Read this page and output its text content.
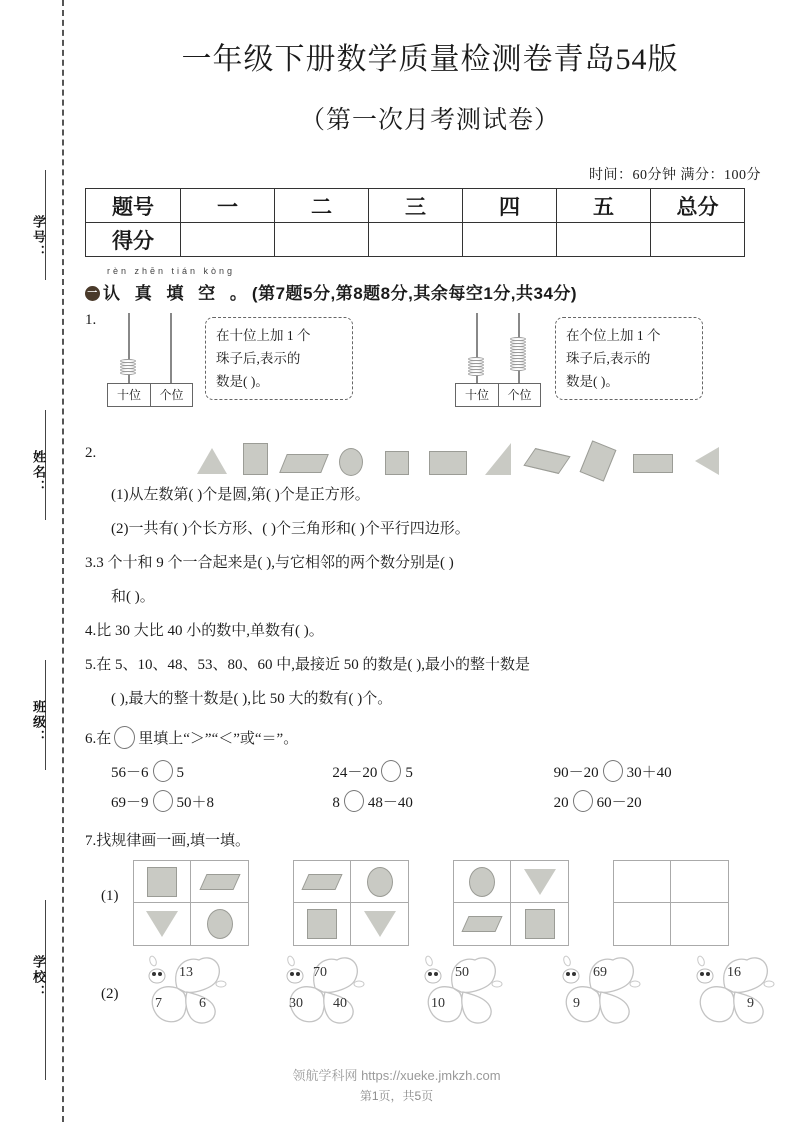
学号：
姓名：
班级：
学校：
一年级下册数学质量检测卷青岛54版
（第一次月考测试卷）
时间：60分钟 满分：100分
题号	一	二	三	四	五	总分
得分						
rèn zhēn tián kòng
一 认 真 填 空 。(第7题5分,第8题8分,其余每空1分,共34分)
1.
十位	个位
在十位上加 1 个
珠子后,表示的
数是( )。
十位	个位
在个位上加 1 个
珠子后,表示的
数是( )。
2.
(1)从左数第( )个是圆,第( )个是正方形。
(2)一共有( )个长方形、( )个三角形和( )个平行四边形。
3.3 个十和 9 个一合起来是( ),与它相邻的两个数分别是( )
和( )。
4.比 30 大比 40 小的数中,单数有( )。
5.在 5、10、48、53、80、60 中,最接近 50 的数是( ),最小的整十数是
( ),最大的整十数是( ),比 50 大的数有( )个。
6.在 里填上“＞”“＜”或“＝”。
56－6 5	24－20 5	90－20 30＋40
69－9 50＋8	8 48－40	20 60－20
7.找规律画一画,填一填。
(1)
(2)
13
7	6
70
30 40
50
10
69
9
16
9
领航学科网 https://xueke.jmkzh.com
第1页，共5页
